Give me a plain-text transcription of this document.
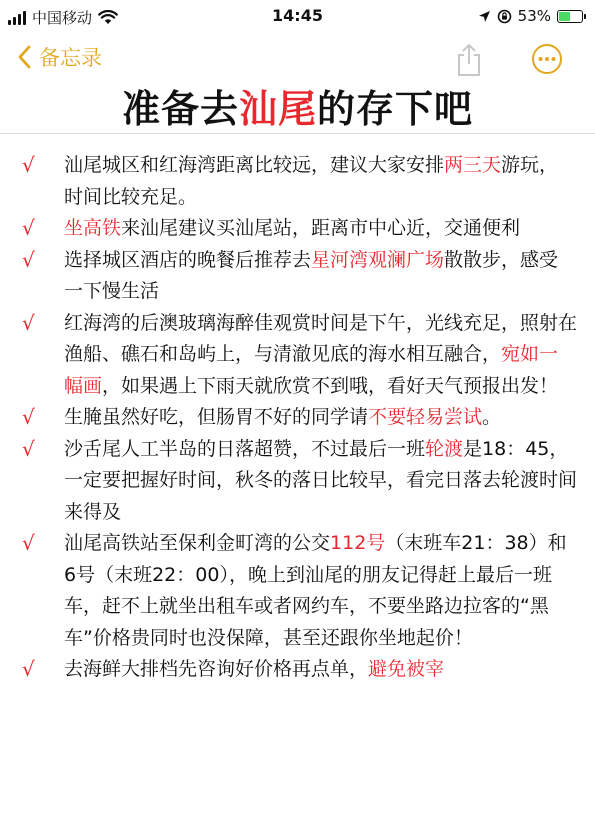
中国移动	14:45	53%
备忘录
准备去汕尾的存下吧
√ 汕尾城区和红海湾距离比较远，建议大家安排两三天游玩，时间比较充足。
√ 坐高铁来汕尾建议买汕尾站，距离市中心近，交通便利
√ 选择城区酒店的晚餐后推荐去星河湾观澜广场散散步，感受一下慢生活
√ 红海湾的后澳玻璃海醉佳观赏时间是下午，光线充足，照射在渔船、礁石和岛屿上，与清澈见底的海水相互融合，宛如一幅画，如果遇上下雨天就欣赏不到哦，看好天气预报出发！
√ 生腌虽然好吃，但肠胃不好的同学请不要轻易尝试。
√ 沙舌尾人工半岛的日落超赞，不过最后一班轮渡是18：45，一定要把握好时间，秋冬的落日比较早，看完日落去轮渡时间来得及
√ 汕尾高铁站至保利金町湾的公交112号（末班车21：38）和6号（末班22：00），晚上到汕尾的朋友记得赶上最后一班车，赶不上就坐出租车或者网约车，不要坐路边拉客的“黑车”价格贵同时也没保障，甚至还跟你坐地起价！
√ 去海鲜大排档先咨询好价格再点单，避免被宰
